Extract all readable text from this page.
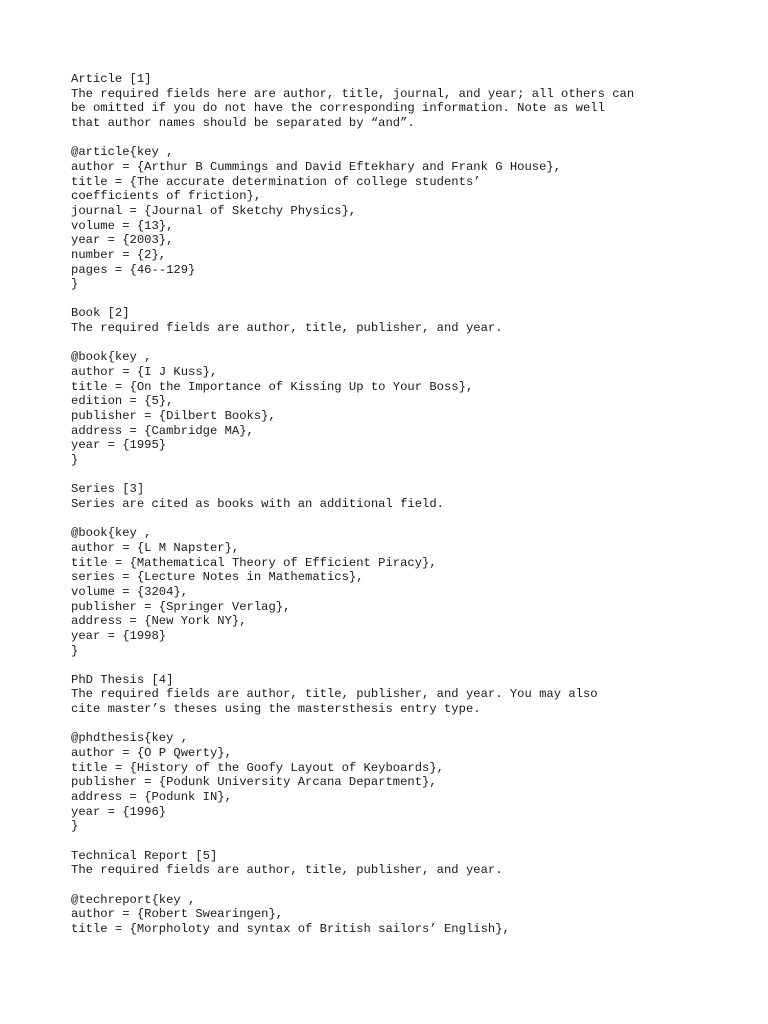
Article [1]
The required fields here are author, title, journal, and year; all others can
be omitted if you do not have the corresponding information. Note as well
that author names should be separated by “and”.
@article{key ,
author = {Arthur B Cummings and David Eftekhary and Frank G House},
title = {The accurate determination of college students’
coefficients of friction},
journal = {Journal of Sketchy Physics},
volume = {13},
year = {2003},
number = {2},
pages = {46--129}
}
Book [2]
The required fields are author, title, publisher, and year.
@book{key ,
author = {I J Kuss},
title = {On the Importance of Kissing Up to Your Boss},
edition = {5},
publisher = {Dilbert Books},
address = {Cambridge MA},
year = {1995}
}
Series [3]
Series are cited as books with an additional field.
@book{key ,
author = {L M Napster},
title = {Mathematical Theory of Efficient Piracy},
series = {Lecture Notes in Mathematics},
volume = {3204},
publisher = {Springer Verlag},
address = {New York NY},
year = {1998}
}
PhD Thesis [4]
The required fields are author, title, publisher, and year. You may also
cite master’s theses using the mastersthesis entry type.
@phdthesis{key ,
author = {O P Qwerty},
title = {History of the Goofy Layout of Keyboards},
publisher = {Podunk University Arcana Department},
address = {Podunk IN},
year = {1996}
}
Technical Report [5]
The required fields are author, title, publisher, and year.
@techreport{key ,
author = {Robert Swearingen},
title = {Morpholoty and syntax of British sailors’ English},
